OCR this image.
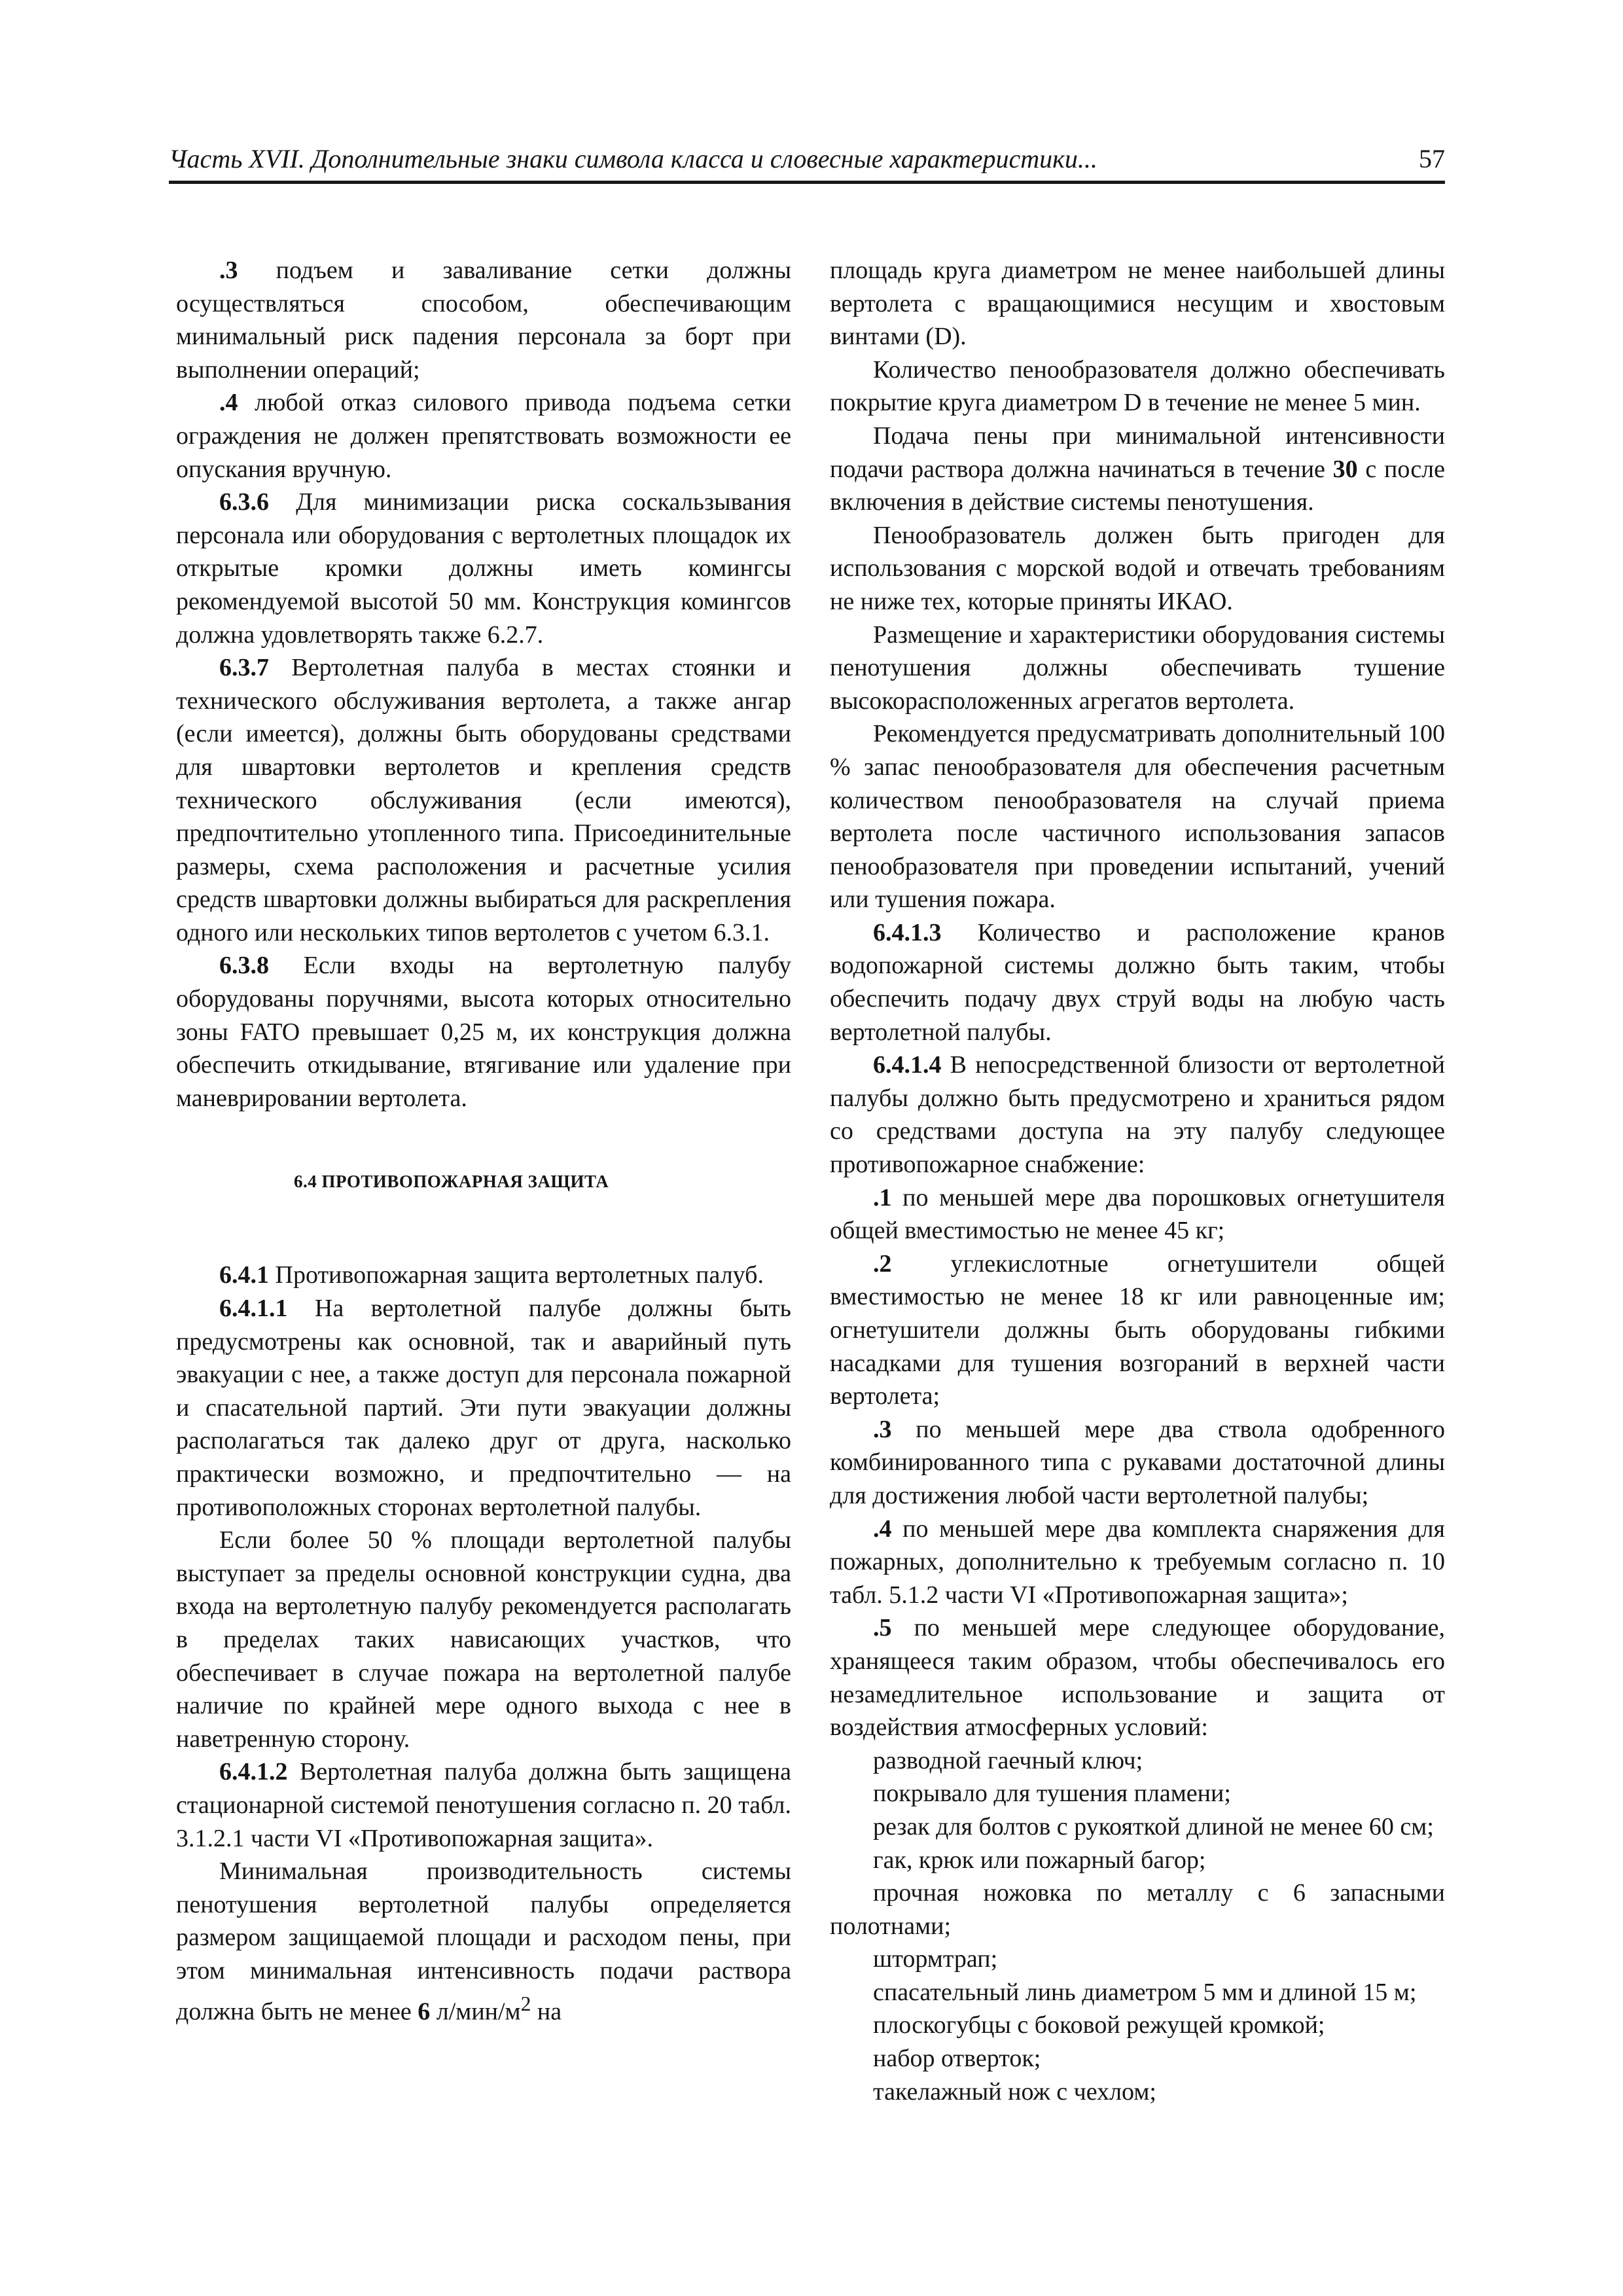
Часть XVII. Дополнительные знаки символа класса и словесные характеристики...	57

.3 подъем и заваливание сетки должны осуществляться способом, обеспечивающим минимальный риск падения персонала за борт при выполнении операций;

.4 любой отказ силового привода подъема сетки ограждения не должен препятствовать возможности ее опускания вручную.

6.3.6 Для минимизации риска соскальзывания персонала или оборудования с вертолетных площадок их открытые кромки должны иметь комингсы рекомендуемой высотой 50 мм. Конструкция комингсов должна удовлетворять также 6.2.7.

6.3.7 Вертолетная палуба в местах стоянки и технического обслуживания вертолета, а также ангар (если имеется), должны быть оборудованы средствами для швартовки вертолетов и крепления средств технического обслуживания (если имеются), предпочтительно утопленного типа. Присоединительные размеры, схема расположения и расчетные усилия средств швартовки должны выбираться для раскрепления одного или нескольких типов вертолетов с учетом 6.3.1.

6.3.8 Если входы на вертолетную палубу оборудованы поручнями, высота которых относительно зоны FATO превышает 0,25 м, их конструкция должна обеспечить откидывание, втягивание или удаление при маневрировании вертолета.

6.4 ПРОТИВОПОЖАРНАЯ ЗАЩИТА

6.4.1 Противопожарная защита вертолетных палуб.

6.4.1.1 На вертолетной палубе должны быть предусмотрены как основной, так и аварийный путь эвакуации с нее, а также доступ для персонала пожарной и спасательной партий. Эти пути эвакуации должны располагаться так далеко друг от друга, насколько практически возможно, и предпочтительно — на противоположных сторонах вертолетной палубы.

Если более 50 % площади вертолетной палубы выступает за пределы основной конструкции судна, два входа на вертолетную палубу рекомендуется располагать в пределах таких нависающих участков, что обеспечивает в случае пожара на вертолетной палубе наличие по крайней мере одного выхода с нее в наветренную сторону.

6.4.1.2 Вертолетная палуба должна быть защищена стационарной системой пенотушения согласно п. 20 табл. 3.1.2.1 части VI «Противопожарная защита».

Минимальная производительность системы пенотушения вертолетной палубы определяется размером защищаемой площади и расходом пены, при этом минимальная интенсивность подачи раствора должна быть не менее 6 $л/мин/м^2$ на

площадь круга диаметром не менее наибольшей длины вертолета с вращающимися несущим и хвостовым винтами (D).

Количество пенообразователя должно обеспечивать покрытие круга диаметром D в течение не менее 5 мин.

Подача пены при минимальной интенсивности подачи раствора должна начинаться в течение 30 с после включения в действие системы пенотушения.

Пенообразователь должен быть пригоден для использования с морской водой и отвечать требованиям не ниже тех, которые приняты ИКАО.

Размещение и характеристики оборудования системы пенотушения должны обеспечивать тушение высокорасположенных агрегатов вертолета.

Рекомендуется предусматривать дополнительный 100 % запас пенообразователя для обеспечения расчетным количеством пенообразователя на случай приема вертолета после частичного использования запасов пенообразователя при проведении испытаний, учений или тушения пожара.

6.4.1.3 Количество и расположение кранов водопожарной системы должно быть таким, чтобы обеспечить подачу двух струй воды на любую часть вертолетной палубы.

6.4.1.4 В непосредственной близости от вертолетной палубы должно быть предусмотрено и храниться рядом со средствами доступа на эту палубу следующее противопожарное снабжение:

.1 по меньшей мере два порошковых огнетушителя общей вместимостью не менее 45 кг;

.2 углекислотные огнетушители общей вместимостью не менее 18 кг или равноценные им; огнетушители должны быть оборудованы гибкими насадками для тушения возгораний в верхней части вертолета;

.3 по меньшей мере два ствола одобренного комбинированного типа с рукавами достаточной длины для достижения любой части вертолетной палубы;

.4 по меньшей мере два комплекта снаряжения для пожарных, дополнительно к требуемым согласно п. 10 табл. 5.1.2 части VI «Противопожарная защита»;

.5 по меньшей мере следующее оборудование, хранящееся таким образом, чтобы обеспечивалось его незамедлительное использование и защита от воздействия атмосферных условий:

разводной гаечный ключ;

покрывало для тушения пламени;

резак для болтов с рукояткой длиной не менее 60 см;

гак, крюк или пожарный багор;

прочная ножовка по металлу с 6 запасными полотнами;

штормтрап;

спасательный линь диаметром 5 мм и длиной 15 м;

плоскогубцы с боковой режущей кромкой;

набор отверток;

такелажный нож с чехлом;
